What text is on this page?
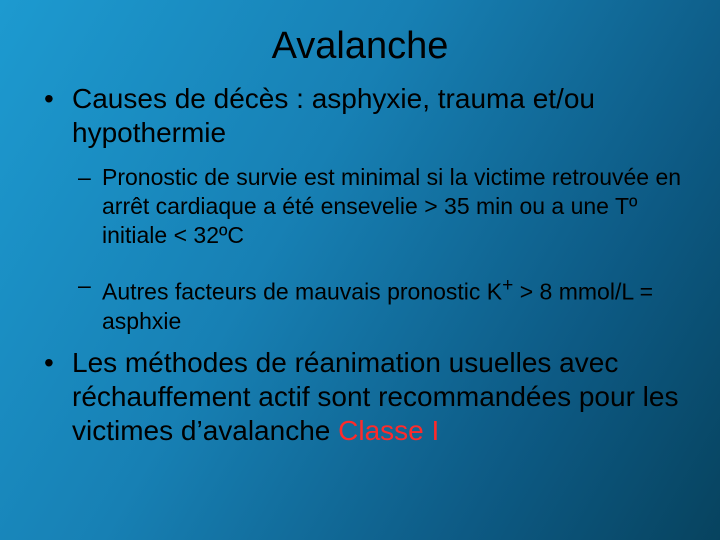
Avalanche
• Causes de décès : asphyxie, trauma et/ou hypothermie
– Pronostic de survie est minimal si la victime retrouvée en arrêt cardiaque a été ensevelie > 35 min ou a une Tº initiale < 32ºC
– Autres facteurs de mauvais pronostic K+ > 8 mmol/L = asphxie
• Les méthodes de réanimation usuelles avec réchauffement actif sont recommandées pour les victimes d’avalanche Classe I
